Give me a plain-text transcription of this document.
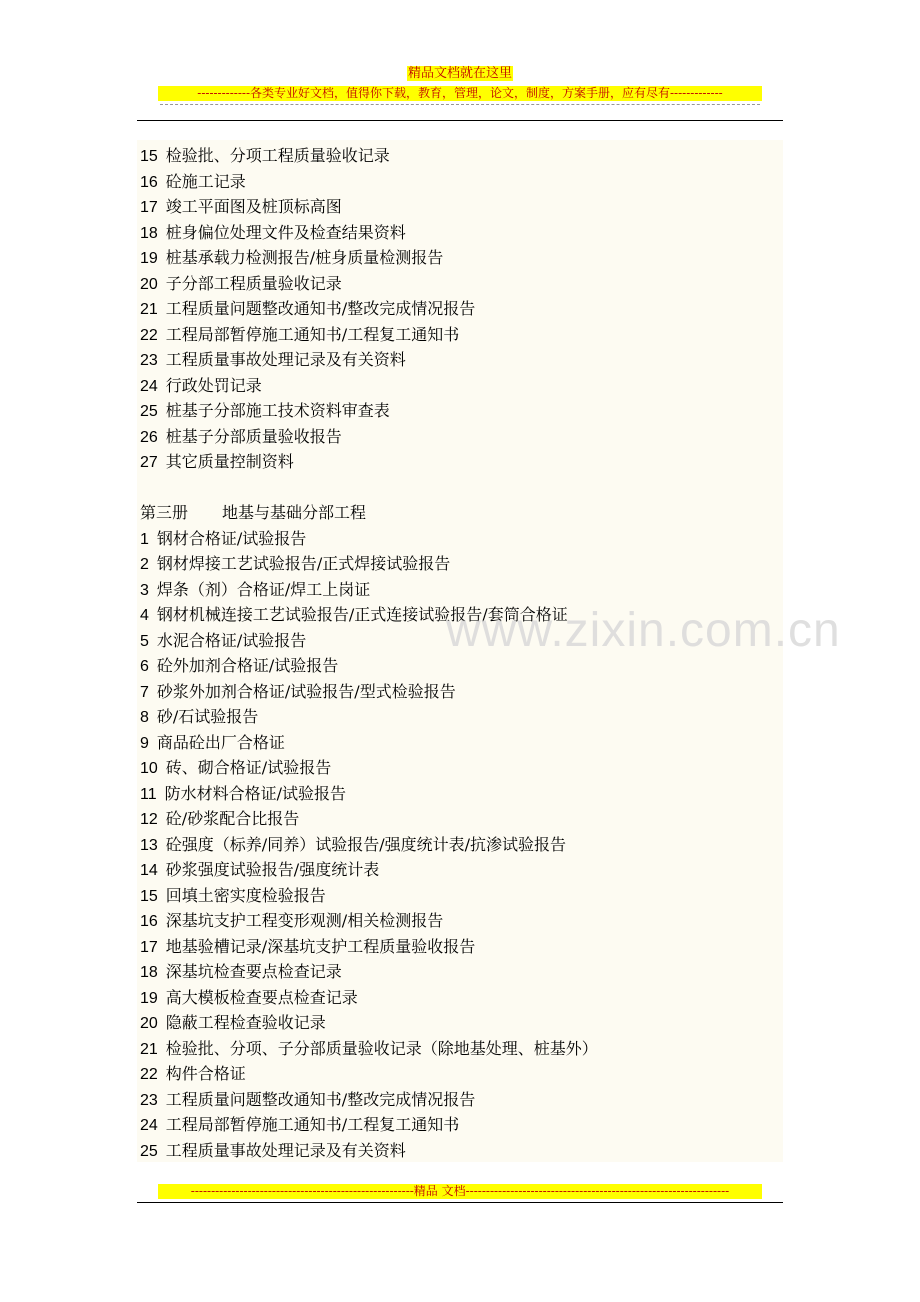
精品文档就在这里
-------------各类专业好文档，值得你下载，教育，管理，论文，制度，方案手册，应有尽有-------------
15 检验批、分项工程质量验收记录
16 砼施工记录
17 竣工平面图及桩顶标高图
18 桩身偏位处理文件及检查结果资料
19 桩基承载力检测报告/桩身质量检测报告
20 子分部工程质量验收记录
21 工程质量问题整改通知书/整改完成情况报告
22 工程局部暂停施工通知书/工程复工通知书
23 工程质量事故处理记录及有关资料
24 行政处罚记录
25 桩基子分部施工技术资料审查表
26 桩基子分部质量验收报告
27 其它质量控制资料
第三册 地基与基础分部工程
1 钢材合格证/试验报告
2 钢材焊接工艺试验报告/正式焊接试验报告
3 焊条（剂）合格证/焊工上岗证
4 钢材机械连接工艺试验报告/正式连接试验报告/套筒合格证
5 水泥合格证/试验报告
6 砼外加剂合格证/试验报告
7 砂浆外加剂合格证/试验报告/型式检验报告
8 砂/石试验报告
9 商品砼出厂合格证
10 砖、砌合格证/试验报告
11 防水材料合格证/试验报告
12 砼/砂浆配合比报告
13 砼强度（标养/同养）试验报告/强度统计表/抗渗试验报告
14 砂浆强度试验报告/强度统计表
15 回填土密实度检验报告
16 深基坑支护工程变形观测/相关检测报告
17 地基验槽记录/深基坑支护工程质量验收报告
18 深基坑检查要点检查记录
19 高大模板检查要点检查记录
20 隐蔽工程检查验收记录
21 检验批、分项、子分部质量验收记录（除地基处理、桩基外）
22 构件合格证
23 工程质量问题整改通知书/整改完成情况报告
24 工程局部暂停施工通知书/工程复工通知书
25 工程质量事故处理记录及有关资料
www.zixin.com.cn
-------------------------------------------------------精品 文档-----------------------------------------------------------------
